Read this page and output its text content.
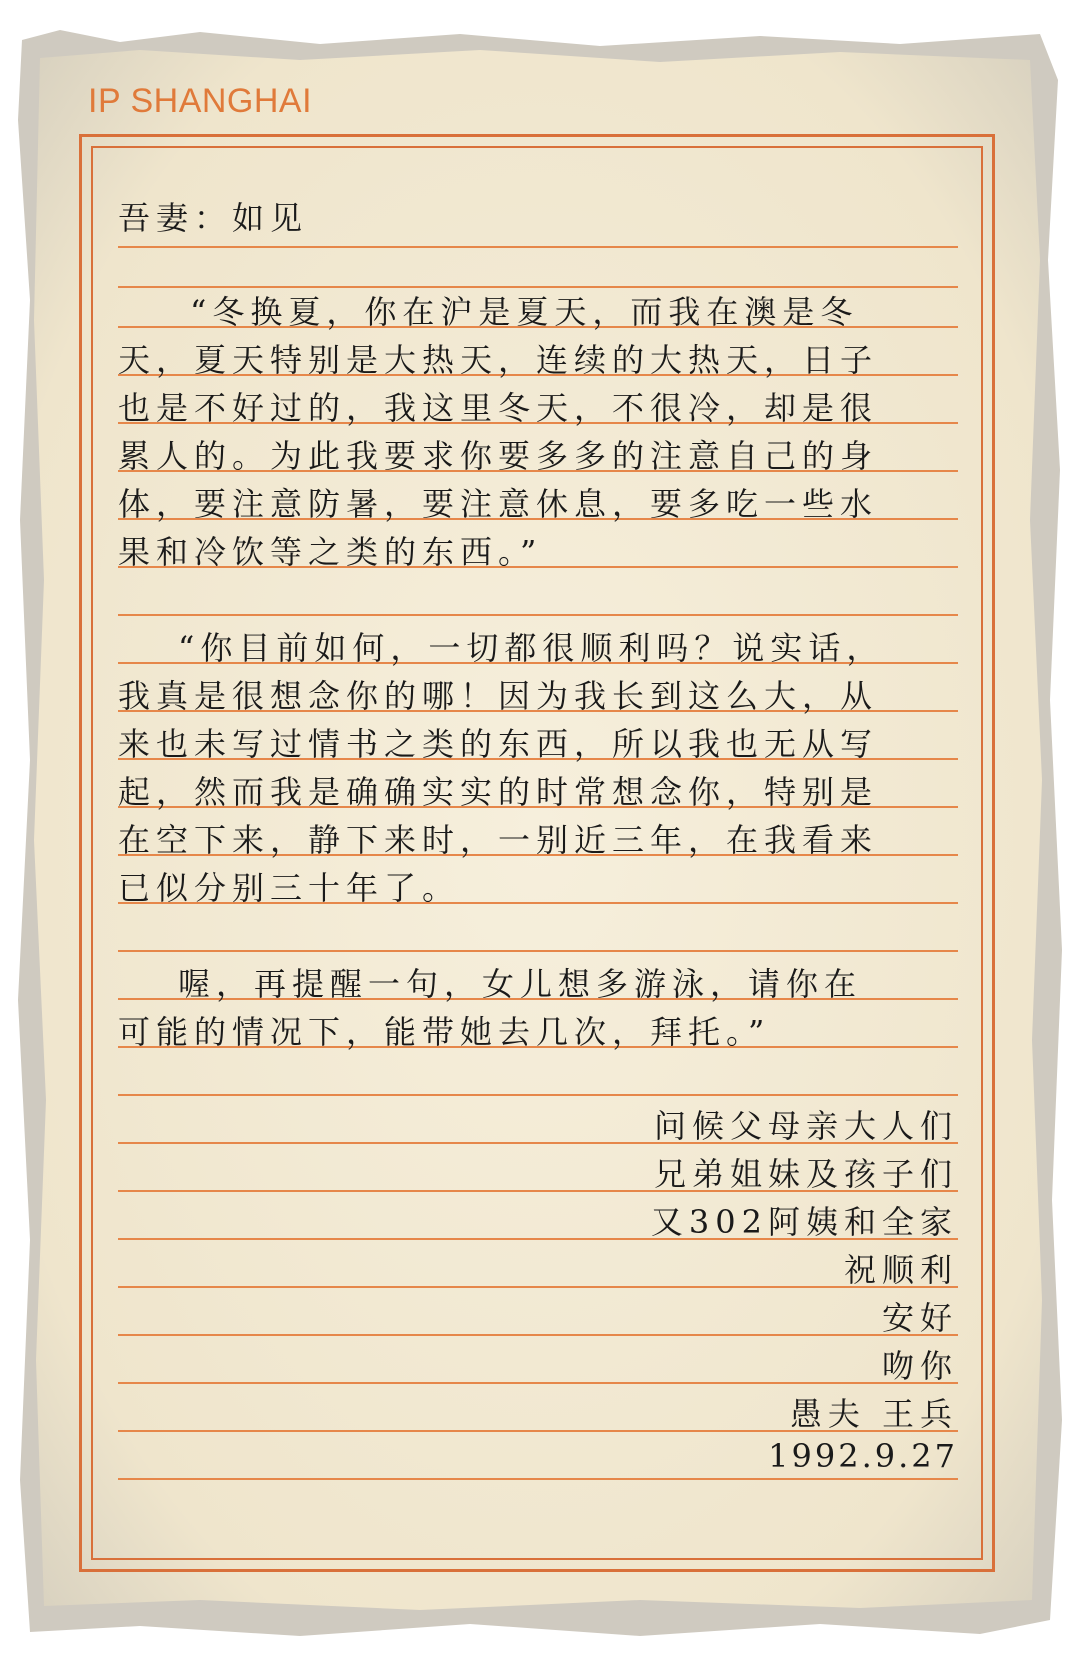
IP SHANGHAI
吾妻：如见
“冬换夏，你在沪是夏天，而我在澳是冬
天，夏天特别是大热天，连续的大热天，日子
也是不好过的，我这里冬天，不很冷，却是很
累人的。为此我要求你要多多的注意自己的身
体，要注意防暑，要注意休息，要多吃一些水
果和冷饮等之类的东西。”
“你目前如何，一切都很顺利吗？说实话，
我真是很想念你的哪！因为我长到这么大，从
来也未写过情书之类的东西，所以我也无从写
起，然而我是确确实实的时常想念你，特别是
在空下来，静下来时，一别近三年，在我看来
已似分别三十年了。
喔，再提醒一句，女儿想多游泳，请你在
可能的情况下，能带她去几次，拜托。”
问候父母亲大人们
兄弟姐妹及孩子们
又302阿姨和全家
祝顺利
安好
吻你
愚夫 王兵
1992.9.27
